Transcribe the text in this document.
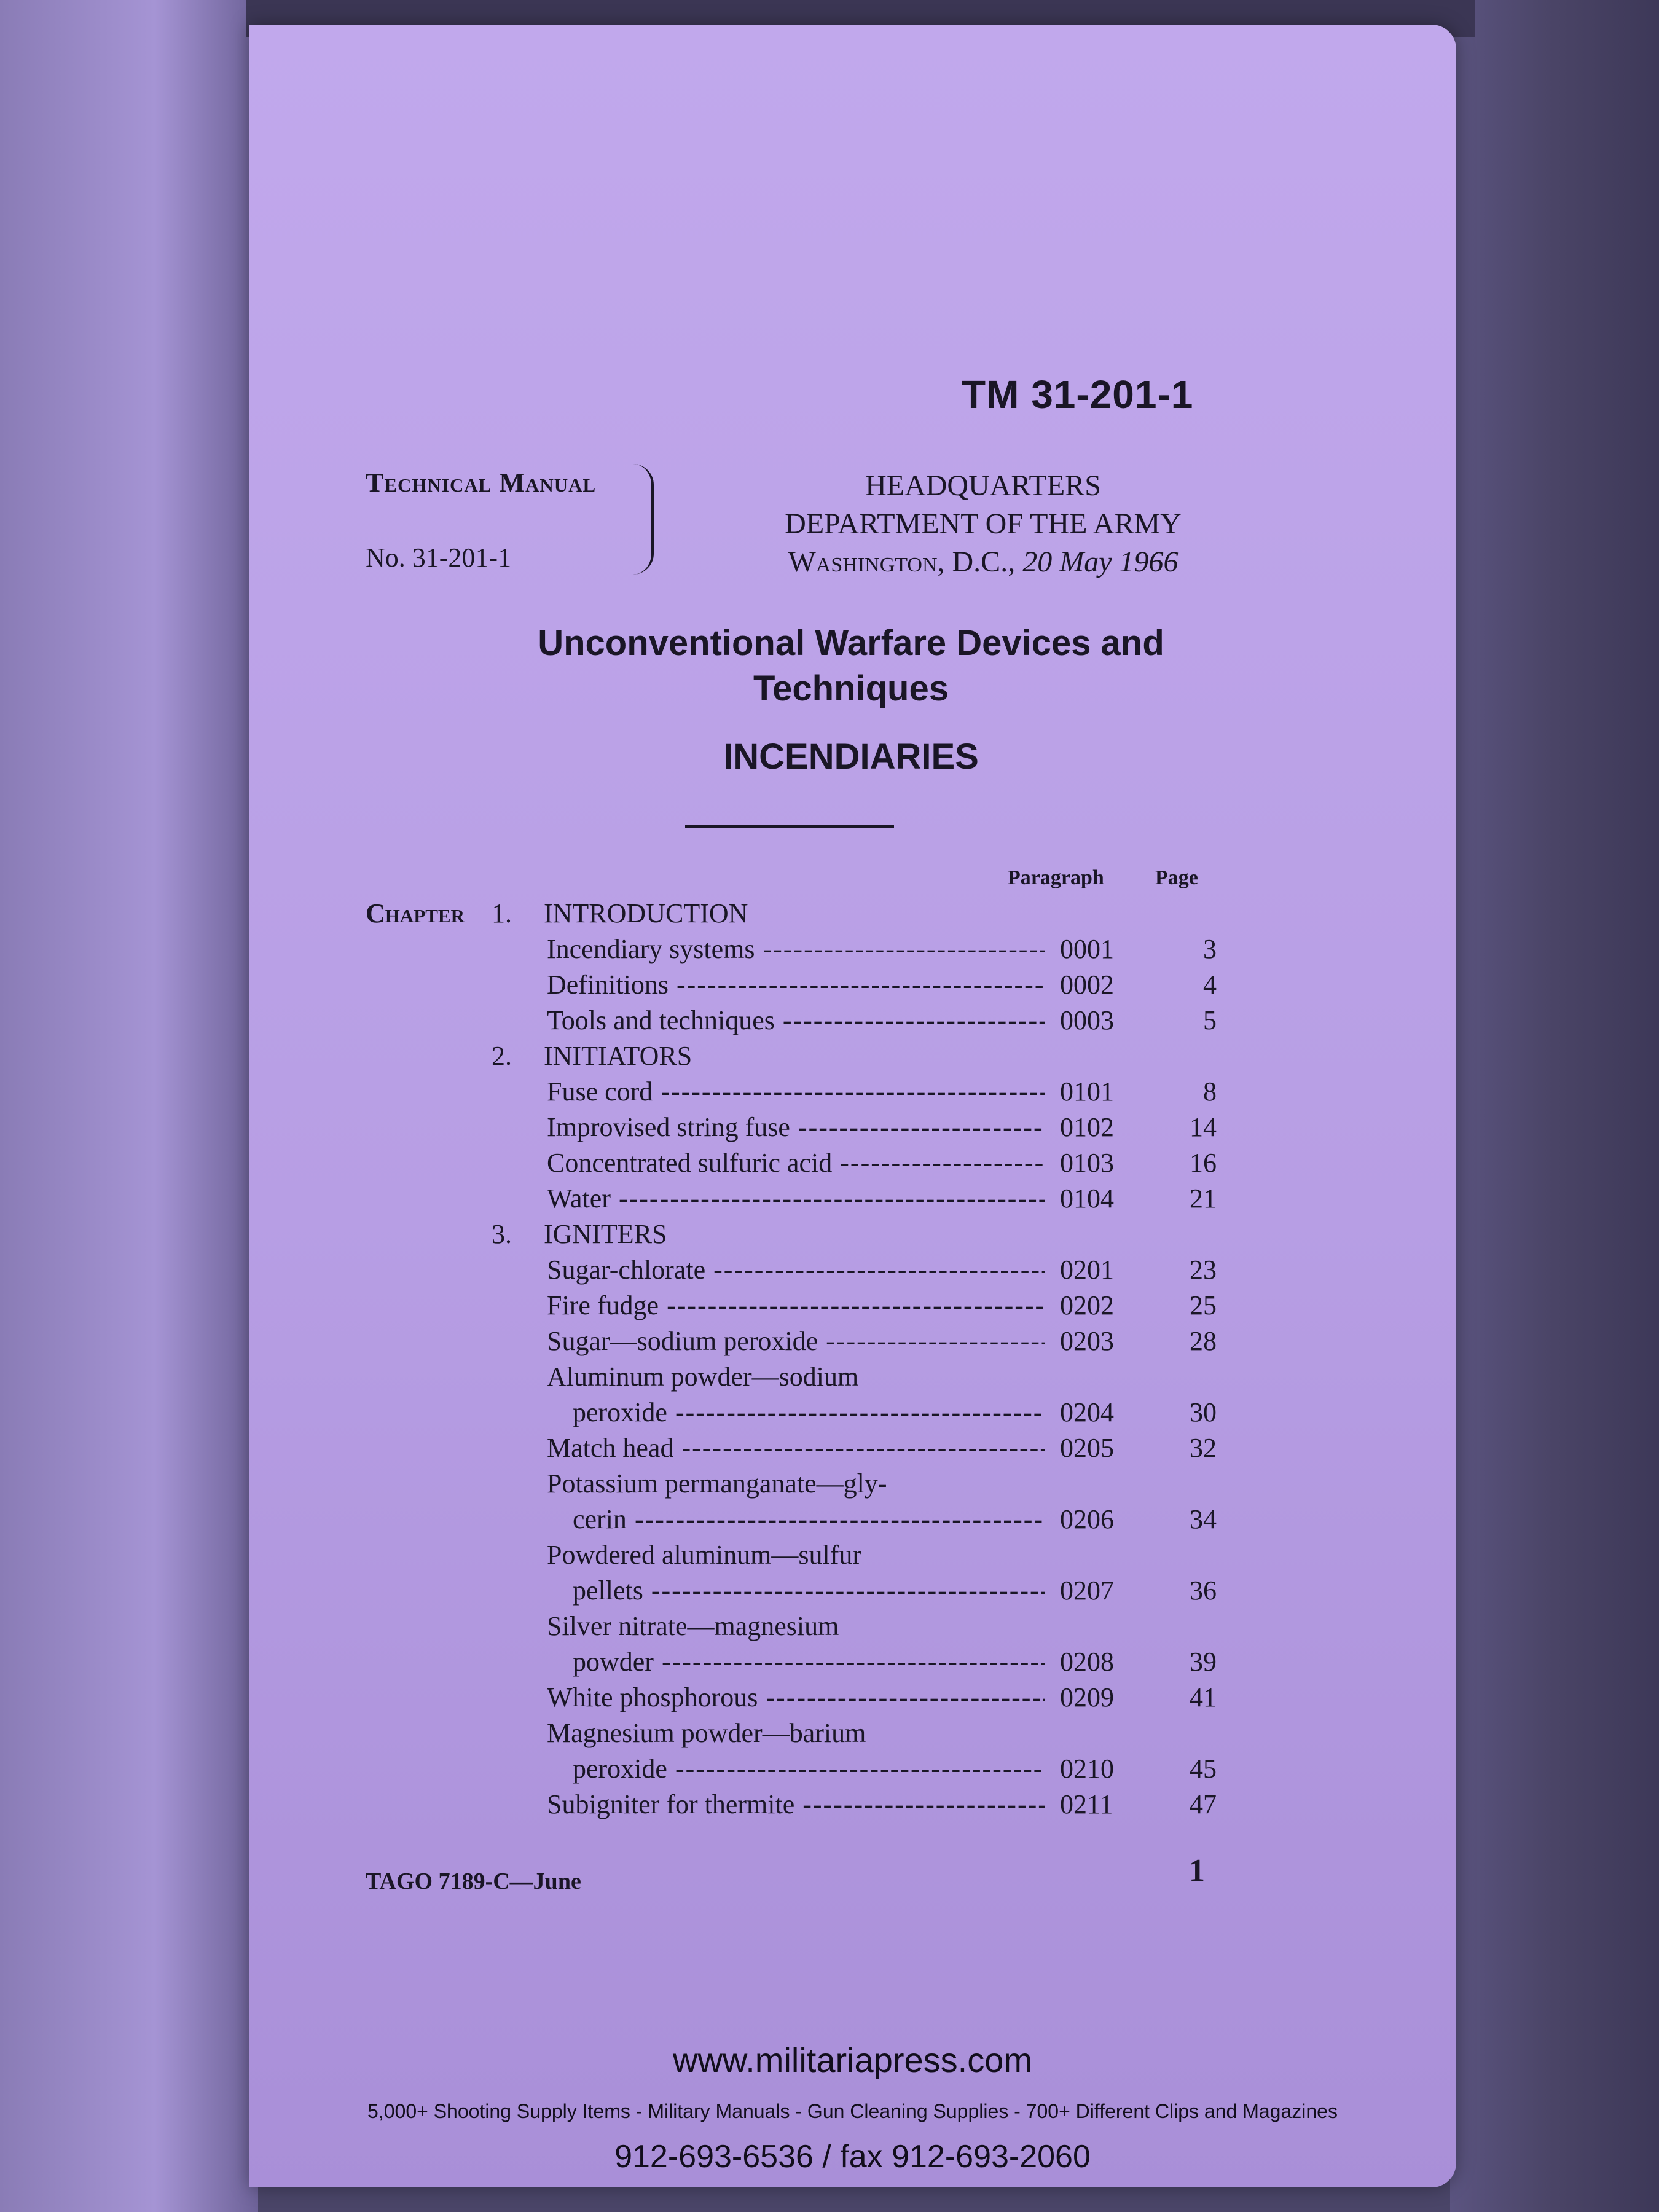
TM 31-201-1
Technical Manual
No. 31-201-1
HEADQUARTERS
DEPARTMENT OF THE ARMY
Washington, D.C., 20 May 1966
Unconventional Warfare Devices and
Techniques
INCENDIARIES
Paragraph Page
Chapter 1. INTRODUCTION
Incendiary systems -----	0001	3
Definitions -----	0002	4
Tools and techniques -----	0003	5
2. INITIATORS
Fuse cord -----	0101	8
Improvised string fuse -----	0102	14
Concentrated sulfuric acid -----	0103	16
Water -----	0104	21
3. IGNITERS
Sugar-chlorate -----	0201	23
Fire fudge -----	0202	25
Sugar—sodium peroxide -----	0203	28
Aluminum powder—sodium
peroxide -----	0204	30
Match head -----	0205	32
Potassium permanganate—gly-
cerin -----	0206	34
Powdered aluminum—sulfur
pellets -----	0207	36
Silver nitrate—magnesium
powder -----	0208	39
White phosphorous -----	0209	41
Magnesium powder—barium
peroxide -----	0210	45
Subigniter for thermite -----	0211	47
TAGO 7189-C—June	1
www.militariapress.com
5,000+ Shooting Supply Items - Military Manuals - Gun Cleaning Supplies - 700+ Different Clips and Magazines
912-693-6536 / fax 912-693-2060
